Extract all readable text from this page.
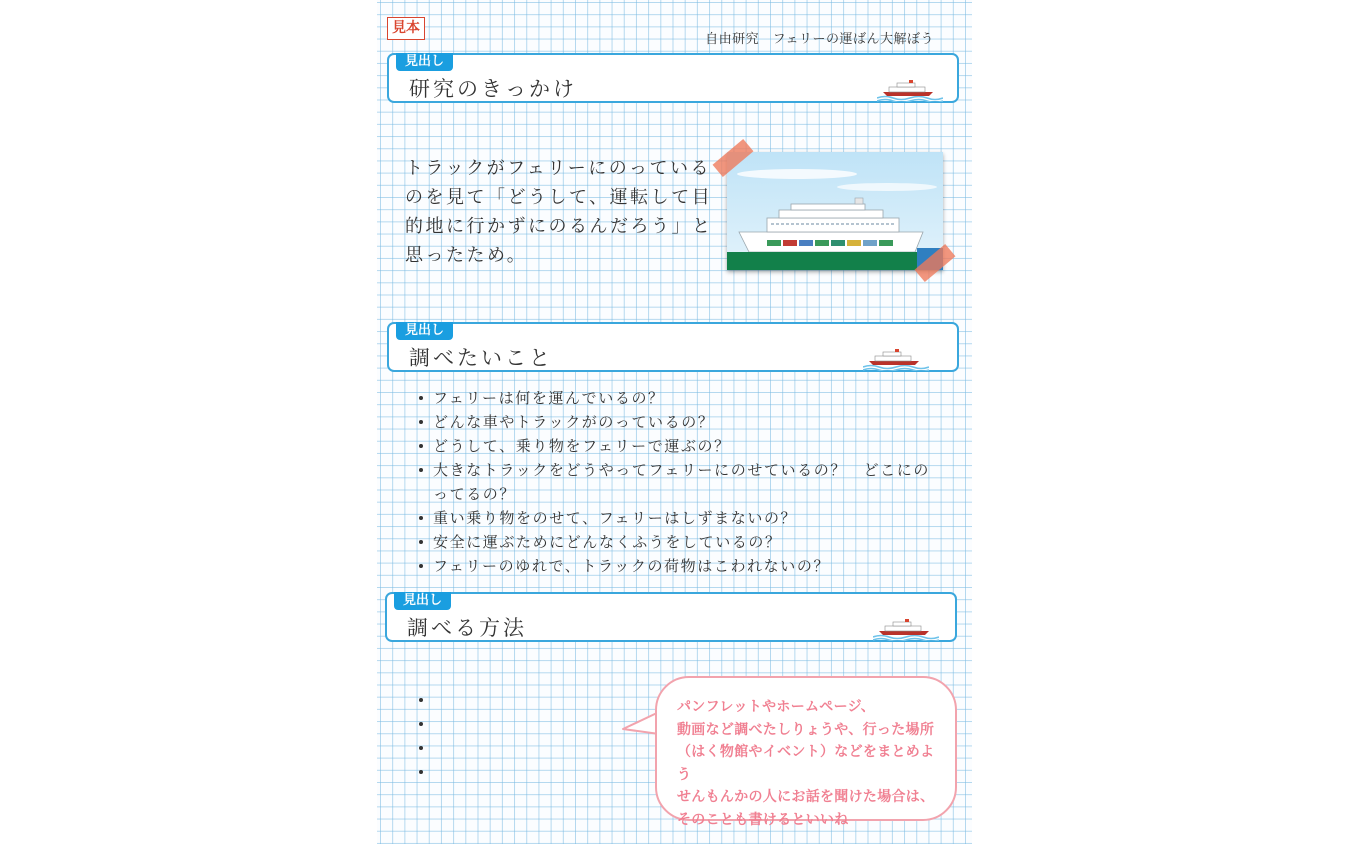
見本
自由研究　フェリーの運ばん大解ぼう
見出し
研究のきっかけ

トラックがフェリーにのっている
のを見て「どうして、運転して目
的地に行かずにのるんだろう」と
思ったため。

見出し
調べたいこと
フェリーは何を運んでいるの？
どんな車やトラックがのっているの？
どうして、乗り物をフェリーで運ぶの？
大きなトラックをどうやってフェリーにのせているの？　どこにのってるの？
重い乗り物をのせて、フェリーはしずまないの？
安全に運ぶためにどんなくふうをしているの？
フェリーのゆれで、トラックの荷物はこわれないの？
見出し
調べる方法

パンフレットやホームページ、
動画など調べたしりょうや、行った場所
（はく物館やイベント）などをまとめよう
せんもんかの人にお話を聞けた場合は、
そのことも書けるといいね
